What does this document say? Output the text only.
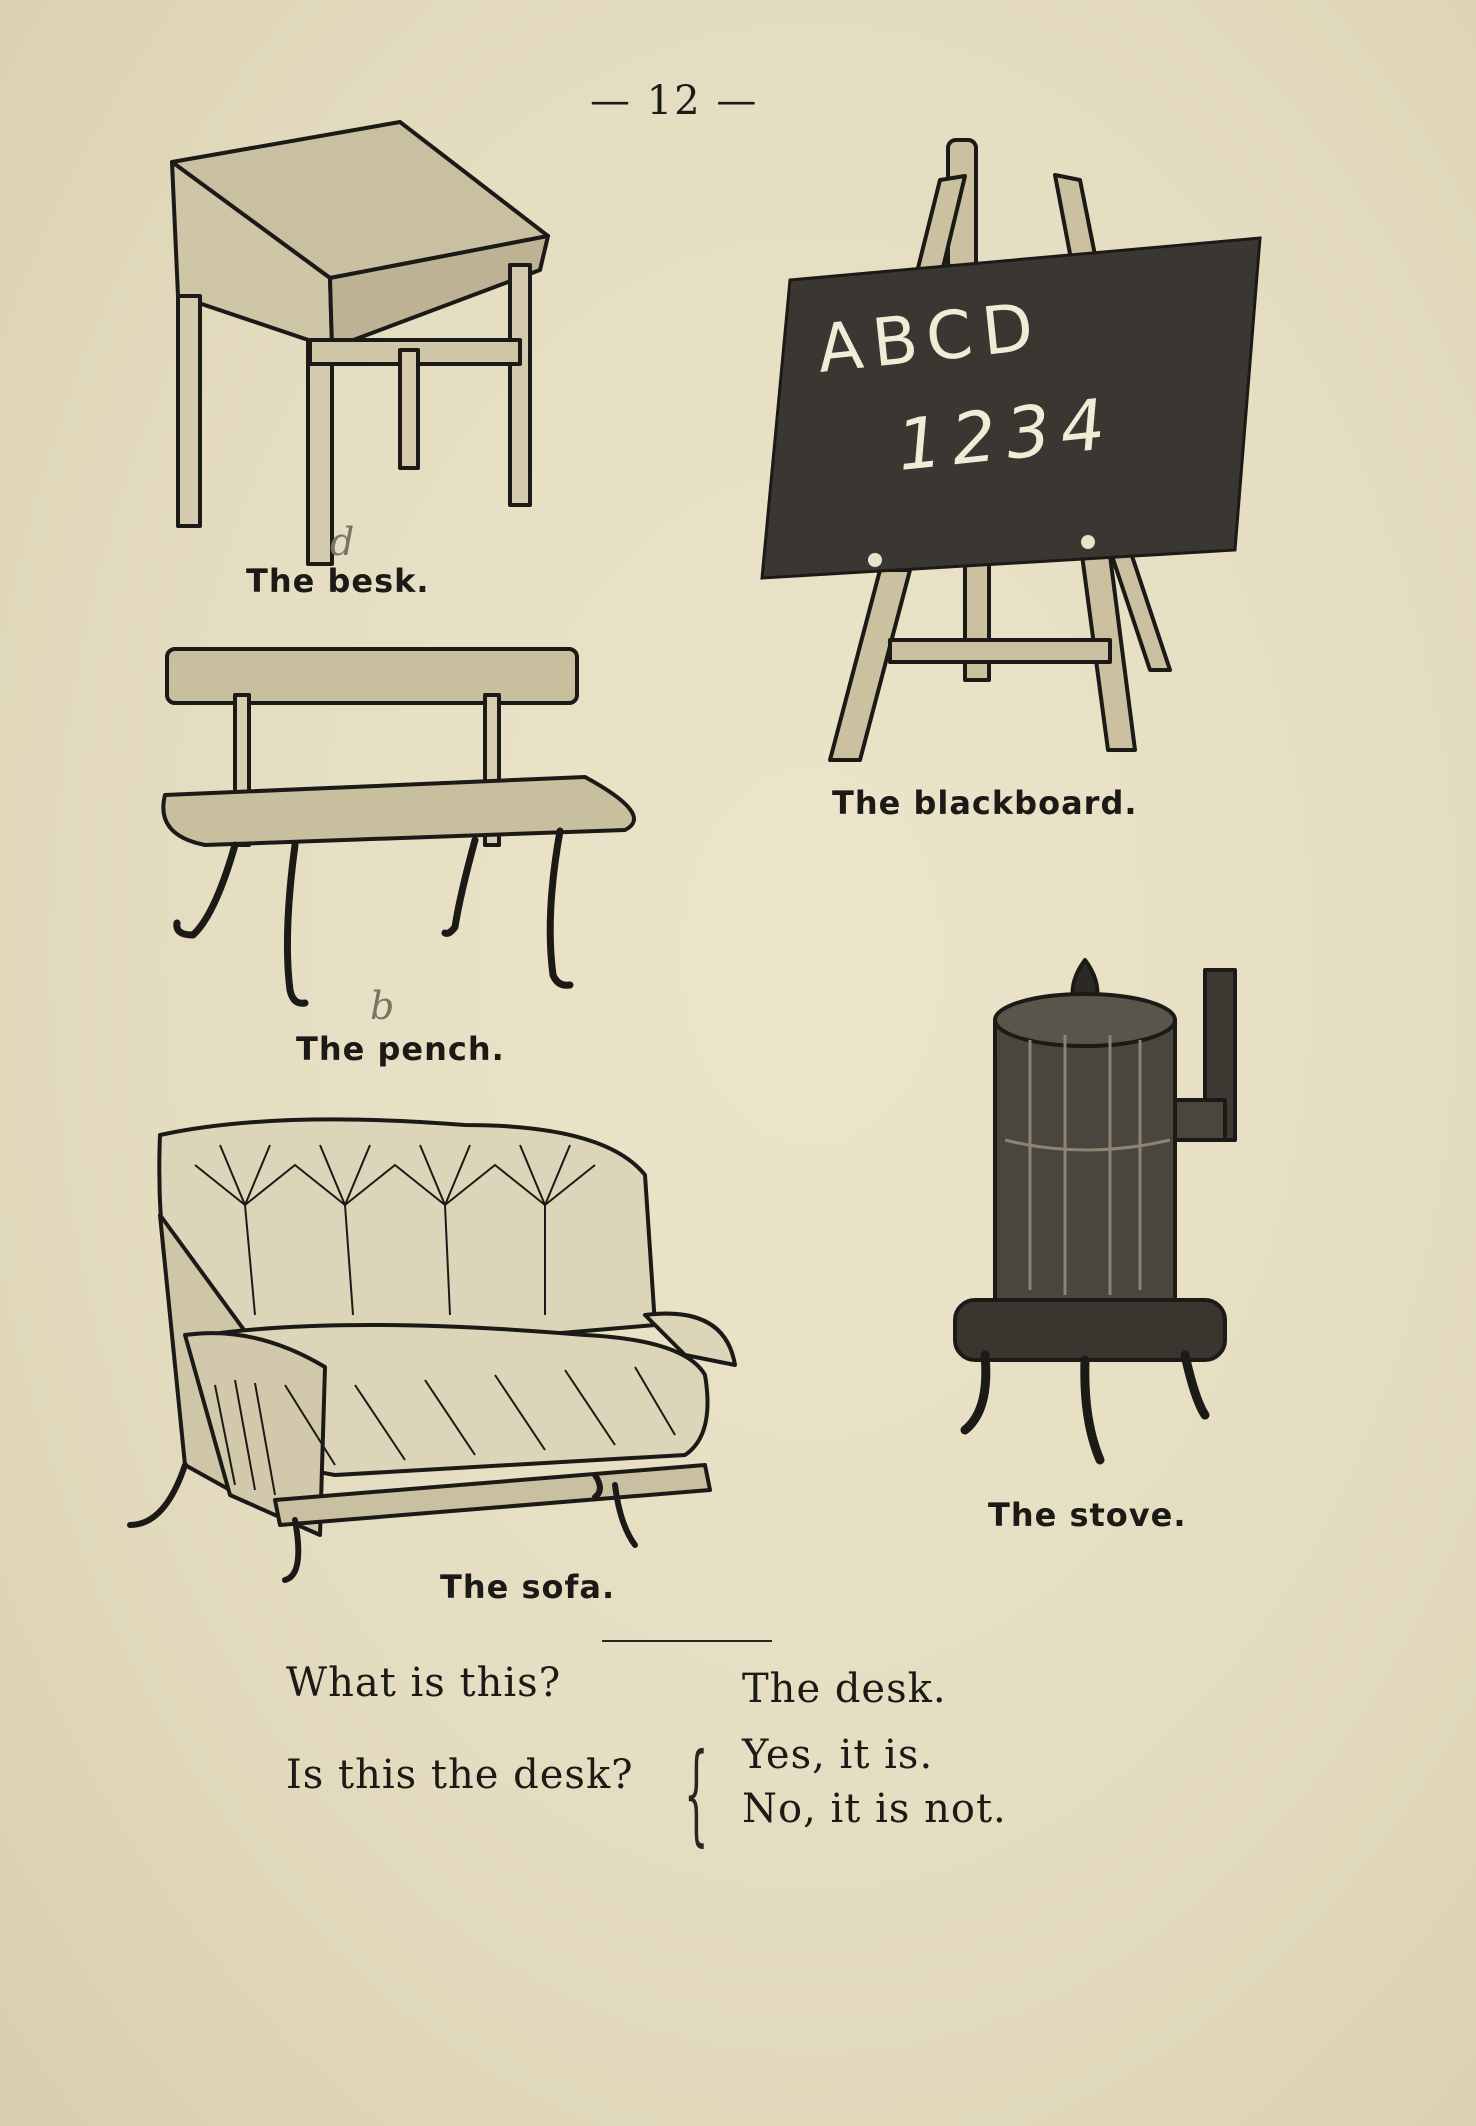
— 12 —
The besk.
d
ABCD
1234
The blackboard.
The pench.
b
The sofa.
The stove.
What is this?	The desk.
Is this the desk? { Yes, it is.
No, it is not.
